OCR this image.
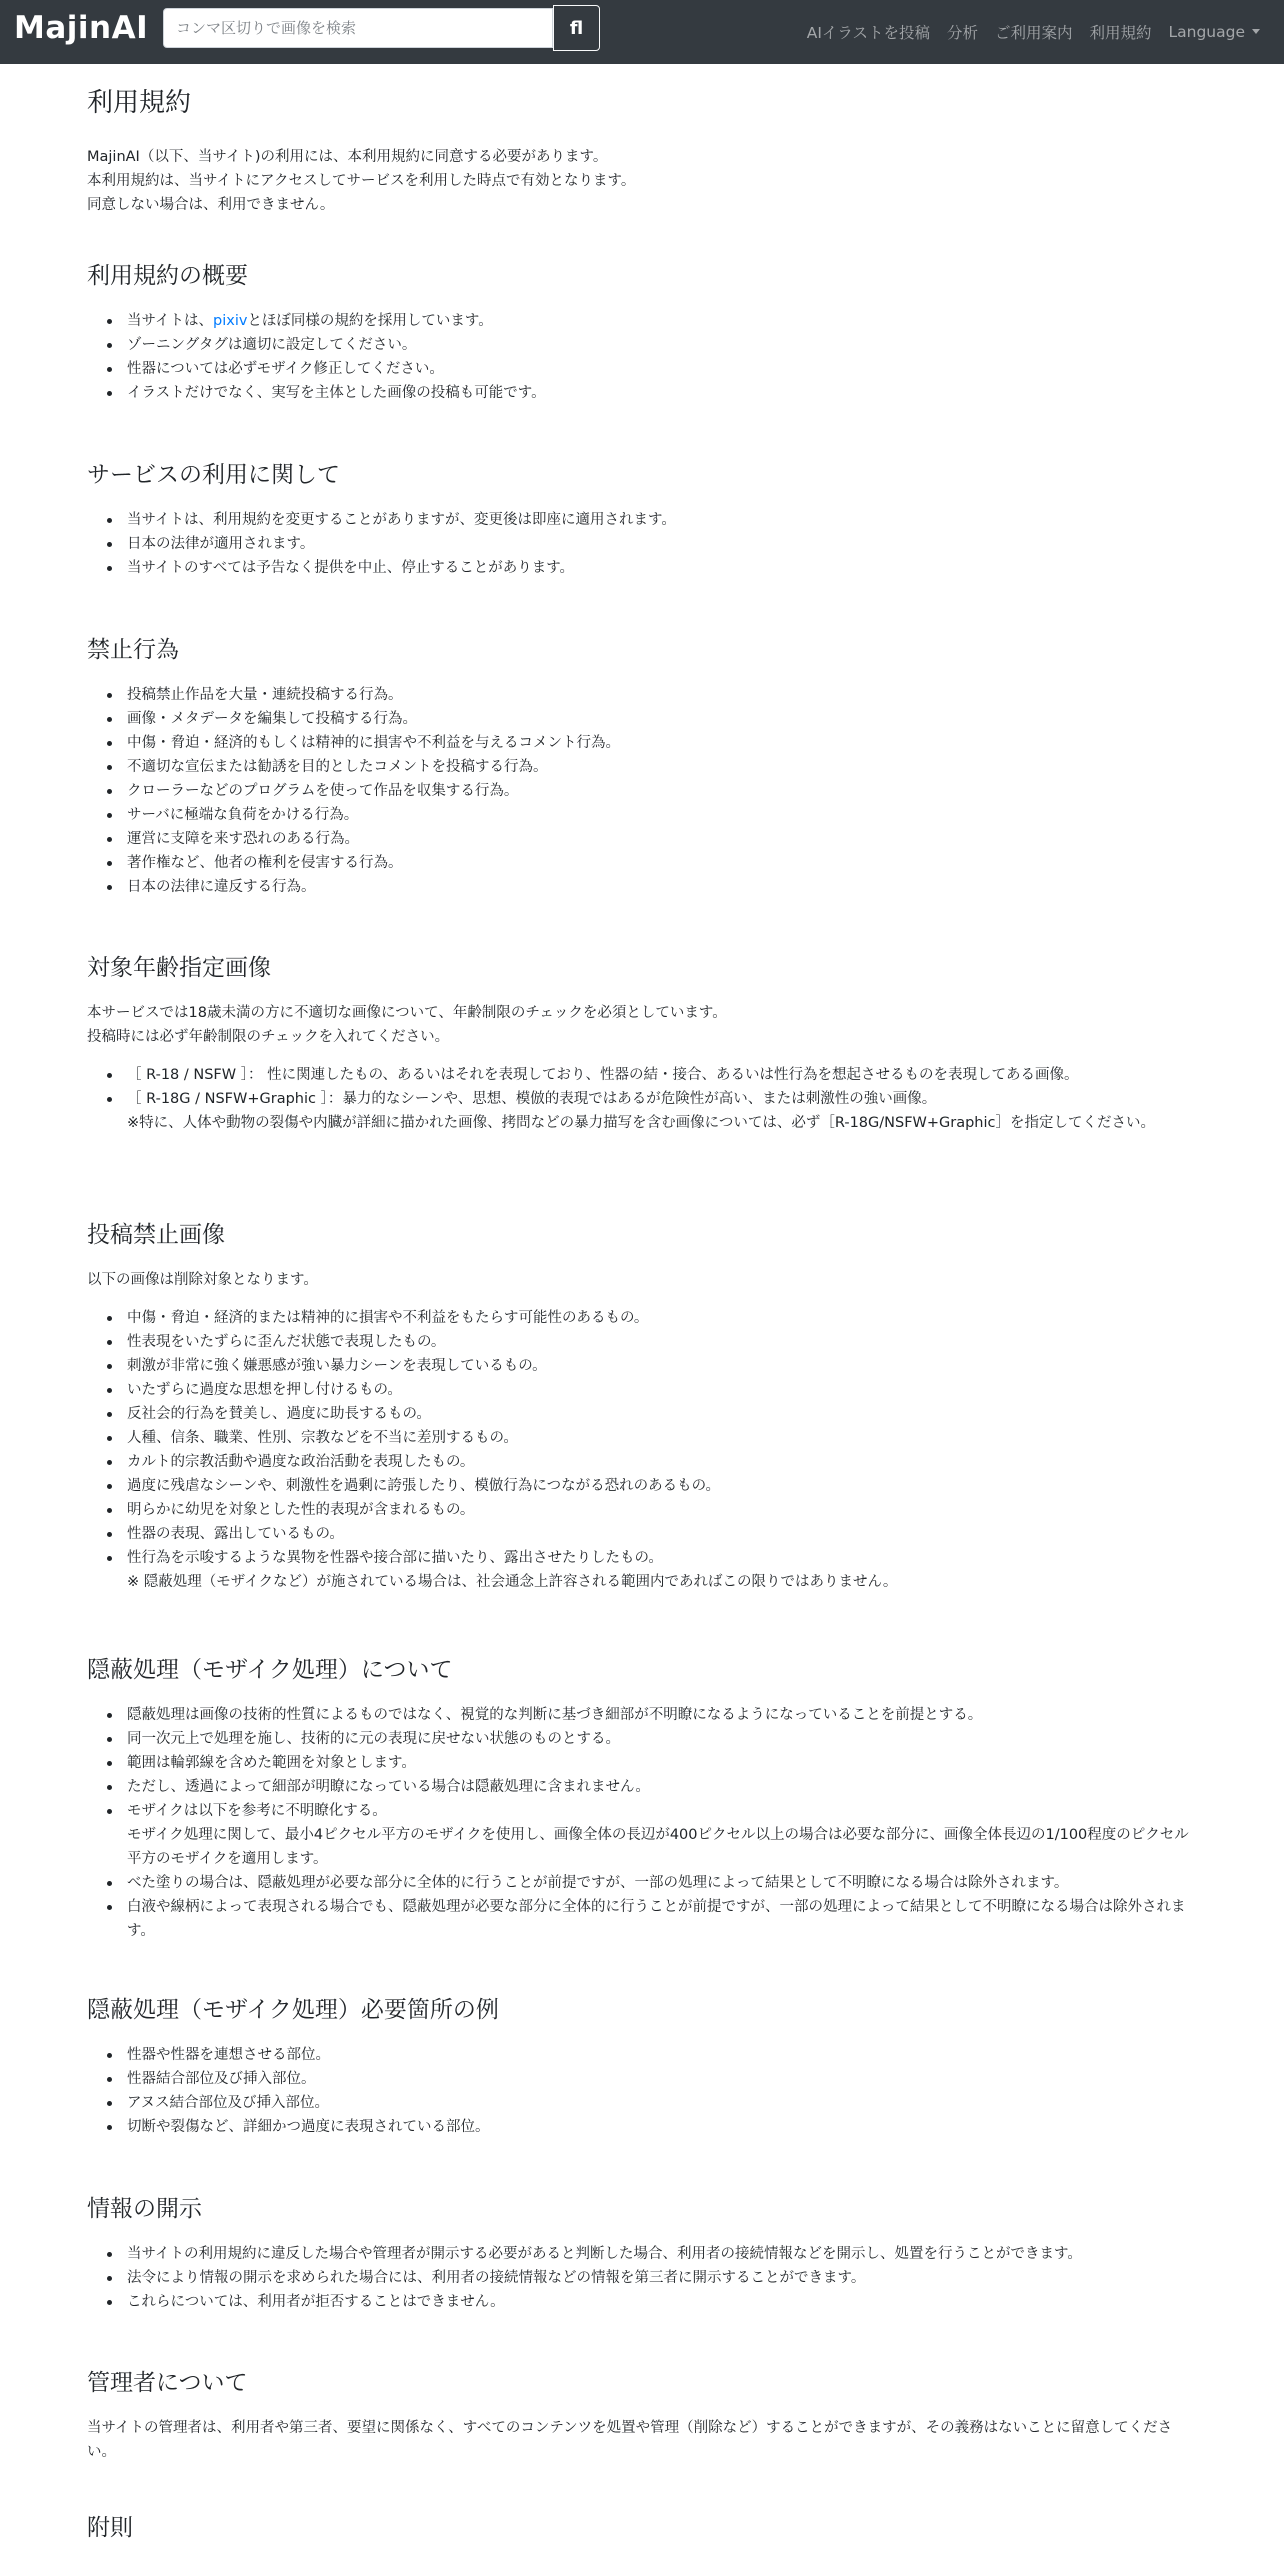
MajinAI
コンマ区切りで画像を検索	fl	AIイラストを投稿 分析 ご利用案内 利用規約 Language
利用規約

MajinAI（以下、当サイト)の利用には、本利用規約に同意する必要があります。

本利用規約は、当サイトにアクセスしてサービスを利用した時点で有効となります。

同意しない場合は、利用できません。

利用規約の概要
当サイトは、pixivとほぼ同様の規約を採用しています。
ゾーニングタグは適切に設定してください。
性器については必ずモザイク修正してください。
イラストだけでなく、実写を主体とした画像の投稿も可能です。
サービスの利用に関して
当サイトは、利用規約を変更することがありますが、変更後は即座に適用されます。
日本の法律が適用されます。
当サイトのすべては予告なく提供を中止、停止することがあります。
禁止行為
投稿禁止作品を大量・連続投稿する行為。
画像・メタデータを編集して投稿する行為。
中傷・脅迫・経済的もしくは精神的に損害や不利益を与えるコメント行為。
不適切な宣伝または勧誘を目的としたコメントを投稿する行為。
クローラーなどのプログラムを使って作品を収集する行為。
サーバに極端な負荷をかける行為。
運営に支障を来す恐れのある行為。
著作権など、他者の権利を侵害する行為。
日本の法律に違反する行為。
対象年齢指定画像

本サービスでは18歳未満の方に不適切な画像について、年齢制限のチェックを必須としています。

投稿時には必ず年齢制限のチェックを入れてください。

［ R-18 / NSFW ］： 性に関連したもの、あるいはそれを表現しており、性器の結・接合、あるいは性行為を想起させるものを表現してある画像。
［ R-18G / NSFW+Graphic ］：暴力的なシーンや、思想、模倣的表現ではあるが危険性が高い、または刺激性の強い画像。
※特に、人体や動物の裂傷や内臓が詳細に描かれた画像、拷問などの暴力描写を含む画像については、必ず［R-18G/NSFW+Graphic］を指定してください。
投稿禁止画像

以下の画像は削除対象となります。

中傷・脅迫・経済的または精神的に損害や不利益をもたらす可能性のあるもの。
性表現をいたずらに歪んだ状態で表現したもの。
刺激が非常に強く嫌悪感が強い暴力シーンを表現しているもの。
いたずらに過度な思想を押し付けるもの。
反社会的行為を賛美し、過度に助長するもの。
人種、信条、職業、性別、宗教などを不当に差別するもの。
カルト的宗教活動や過度な政治活動を表現したもの。
過度に残虐なシーンや、刺激性を過剰に誇張したり、模倣行為につながる恐れのあるもの。
明らかに幼児を対象とした性的表現が含まれるもの。
性器の表現、露出しているもの。
性行為を示唆するような異物を性器や接合部に描いたり、露出させたりしたもの。
※ 隠蔽処理（モザイクなど）が施されている場合は、社会通念上許容される範囲内であればこの限りではありません。
隠蔽処理（モザイク処理）について
隠蔽処理は画像の技術的性質によるものではなく、視覚的な判断に基づき細部が不明瞭になるようになっていることを前提とする。
同一次元上で処理を施し、技術的に元の表現に戻せない状態のものとする。
範囲は輪郭線を含めた範囲を対象とします。
ただし、透過によって細部が明瞭になっている場合は隠蔽処理に含まれません。
モザイクは以下を参考に不明瞭化する。
モザイク処理に関して、最小4ピクセル平方のモザイクを使用し、画像全体の長辺が400ピクセル以上の場合は必要な部分に、画像全体長辺の1/100程度のピクセル平方のモザイクを適用します。
べた塗りの場合は、隠蔽処理が必要な部分に全体的に行うことが前提ですが、一部の処理によって結果として不明瞭になる場合は除外されます。
白液や線柄によって表現される場合でも、隠蔽処理が必要な部分に全体的に行うことが前提ですが、一部の処理によって結果として不明瞭になる場合は除外されます。
隠蔽処理（モザイク処理）必要箇所の例
性器や性器を連想させる部位。
性器結合部位及び挿入部位。
アヌス結合部位及び挿入部位。
切断や裂傷など、詳細かつ過度に表現されている部位。
情報の開示
当サイトの利用規約に違反した場合や管理者が開示する必要があると判断した場合、利用者の接続情報などを開示し、処置を行うことができます。
法令により情報の開示を求められた場合には、利用者の接続情報などの情報を第三者に開示することができます。
これらについては、利用者が拒否することはできません。
管理者について

当サイトの管理者は、利用者や第三者、要望に関係なく、すべてのコンテンツを処置や管理（削除など）することができますが、その義務はないことに留意してください。

附則
